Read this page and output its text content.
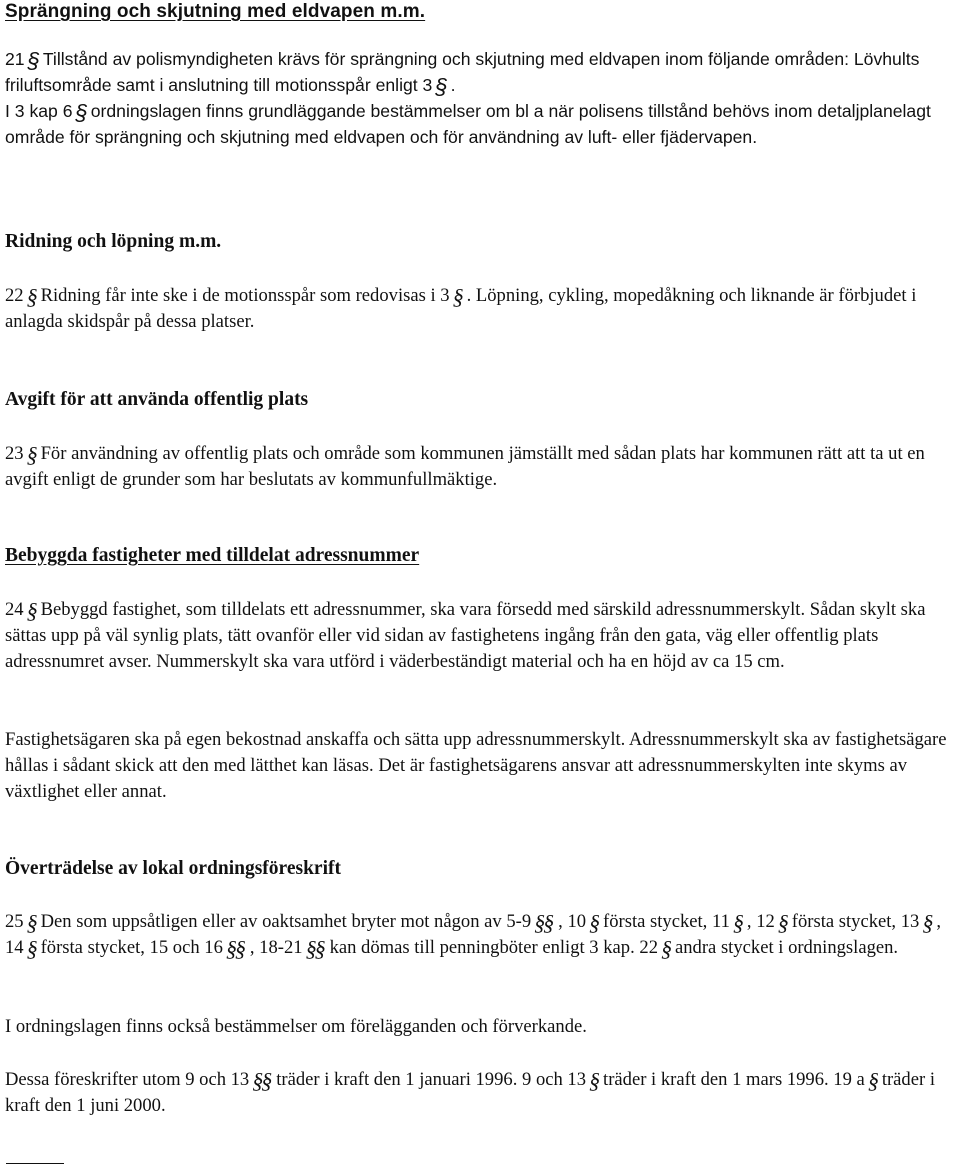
Sprängning och skjutning med eldvapen m.m.

21 § Tillstånd av polismyndigheten krävs för sprängning och skjutning med eldvapen inom följande områden: Lövhults friluftsområde samt i anslutning till motionsspår enligt 3 § .
I 3 kap 6 § ordningslagen finns grundläggande bestämmelser om bl a när polisens tillstånd behövs inom detaljplanelagt område för sprängning och skjutning med eldvapen och för användning av luft- eller fjädervapen.

Ridning och löpning m.m.

22 § Ridning får inte ske i de motionsspår som redovisas i 3 § . Löpning, cykling, mopedåkning och liknande är förbjudet i anlagda skidspår på dessa platser.

Avgift för att använda offentlig plats

23 § För användning av offentlig plats och område som kommunen jämställt med sådan plats har kommunen rätt att ta ut en avgift enligt de grunder som har beslutats av kommunfullmäktige.

Bebyggda fastigheter med tilldelat adressnummer

24 § Bebyggd fastighet, som tilldelats ett adressnummer, ska vara försedd med särskild adressnummerskylt. Sådan skylt ska sättas upp på väl synlig plats, tätt ovanför eller vid sidan av fastighetens ingång från den gata, väg eller offentlig plats adressnumret avser. Nummerskylt ska vara utförd i väderbeständigt material och ha en höjd av ca 15 cm.

Fastighetsägaren ska på egen bekostnad anskaffa och sätta upp adressnummerskylt. Adressnummerskylt ska av fastighetsägare hållas i sådant skick att den med lätthet kan läsas. Det är fastighetsägarens ansvar att adressnummerskylten inte skyms av växtlighet eller annat.

Överträdelse av lokal ordningsföreskrift

25 § Den som uppsåtligen eller av oaktsamhet bryter mot någon av 5-9 §§ , 10 § första stycket, 11 § , 12 § första stycket, 13 § , 14 § första stycket, 15 och 16 §§ , 18-21 §§ kan dömas till penningböter enligt 3 kap. 22 § andra stycket i ordningslagen.

I ordningslagen finns också bestämmelser om förelägganden och förverkande.

Dessa föreskrifter utom 9 och 13 §§ träder i kraft den 1 januari 1996. 9 och 13 § träder i kraft den 1 mars 1996. 19 a § träder i kraft den 1 juni 2000.
